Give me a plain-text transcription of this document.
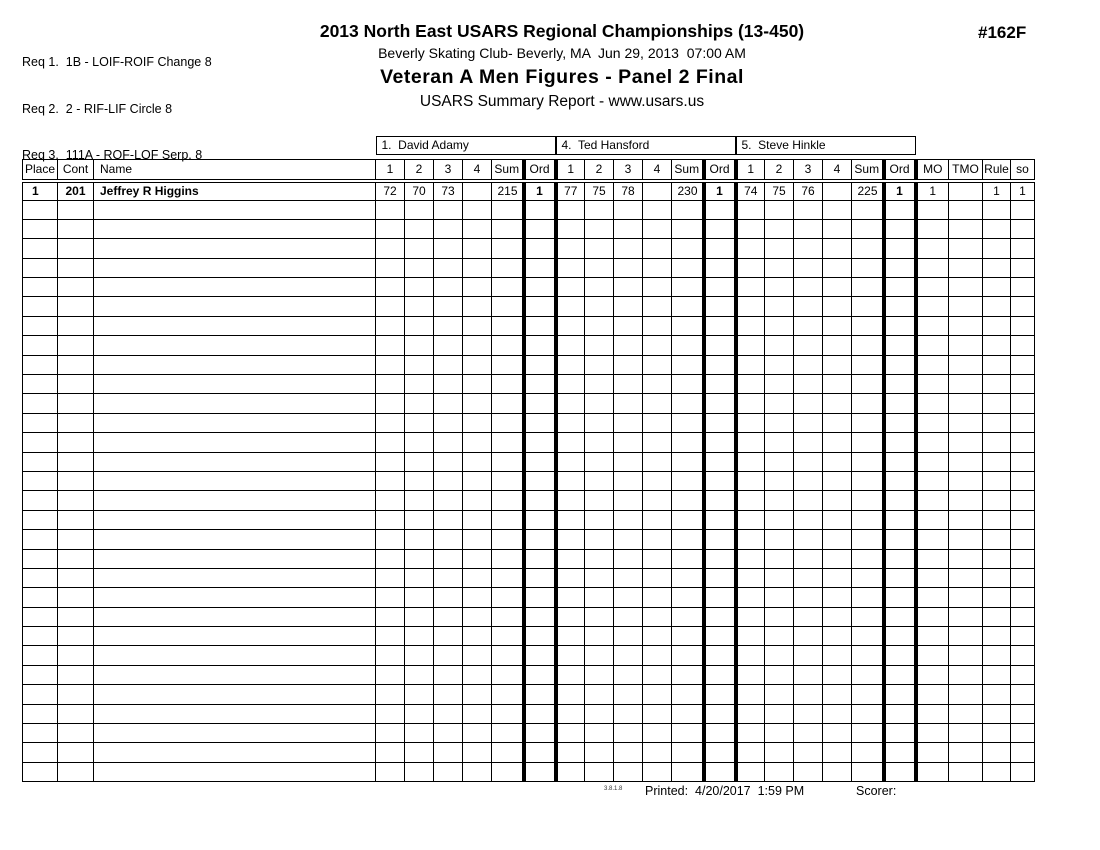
Req 1.  1B - LOIF-ROIF Change 8

Req 2.  2 - RIF-LIF Circle 8

Req 3.  111A - ROF-LOF Serp. 8

2013 North East USARS Regional Championships (13-450)
Beverly Skating Club- Beverly, MA  Jun 29, 2013  07:00 AM
Veteran A Men Figures - Panel 2 Final
USARS Summary Report - www.usars.us
#162F

			1.  David Adamy						4.  Ted Hansford						5.  Steve Hinkle									

Place	Cont	Name	1	2	3	4	Sum	Ord	1	2	3	4	Sum	Ord	1	2	3	4	Sum	Ord	MO	TMO	Rule	so
1	201	Jeffrey R Higgins	72	70	73		215	1	77	75	78		230	1	74	75	76		225	1	1		1	1

3.8.1.8 Printed:  4/20/2017  1:59 PM	Scorer:
